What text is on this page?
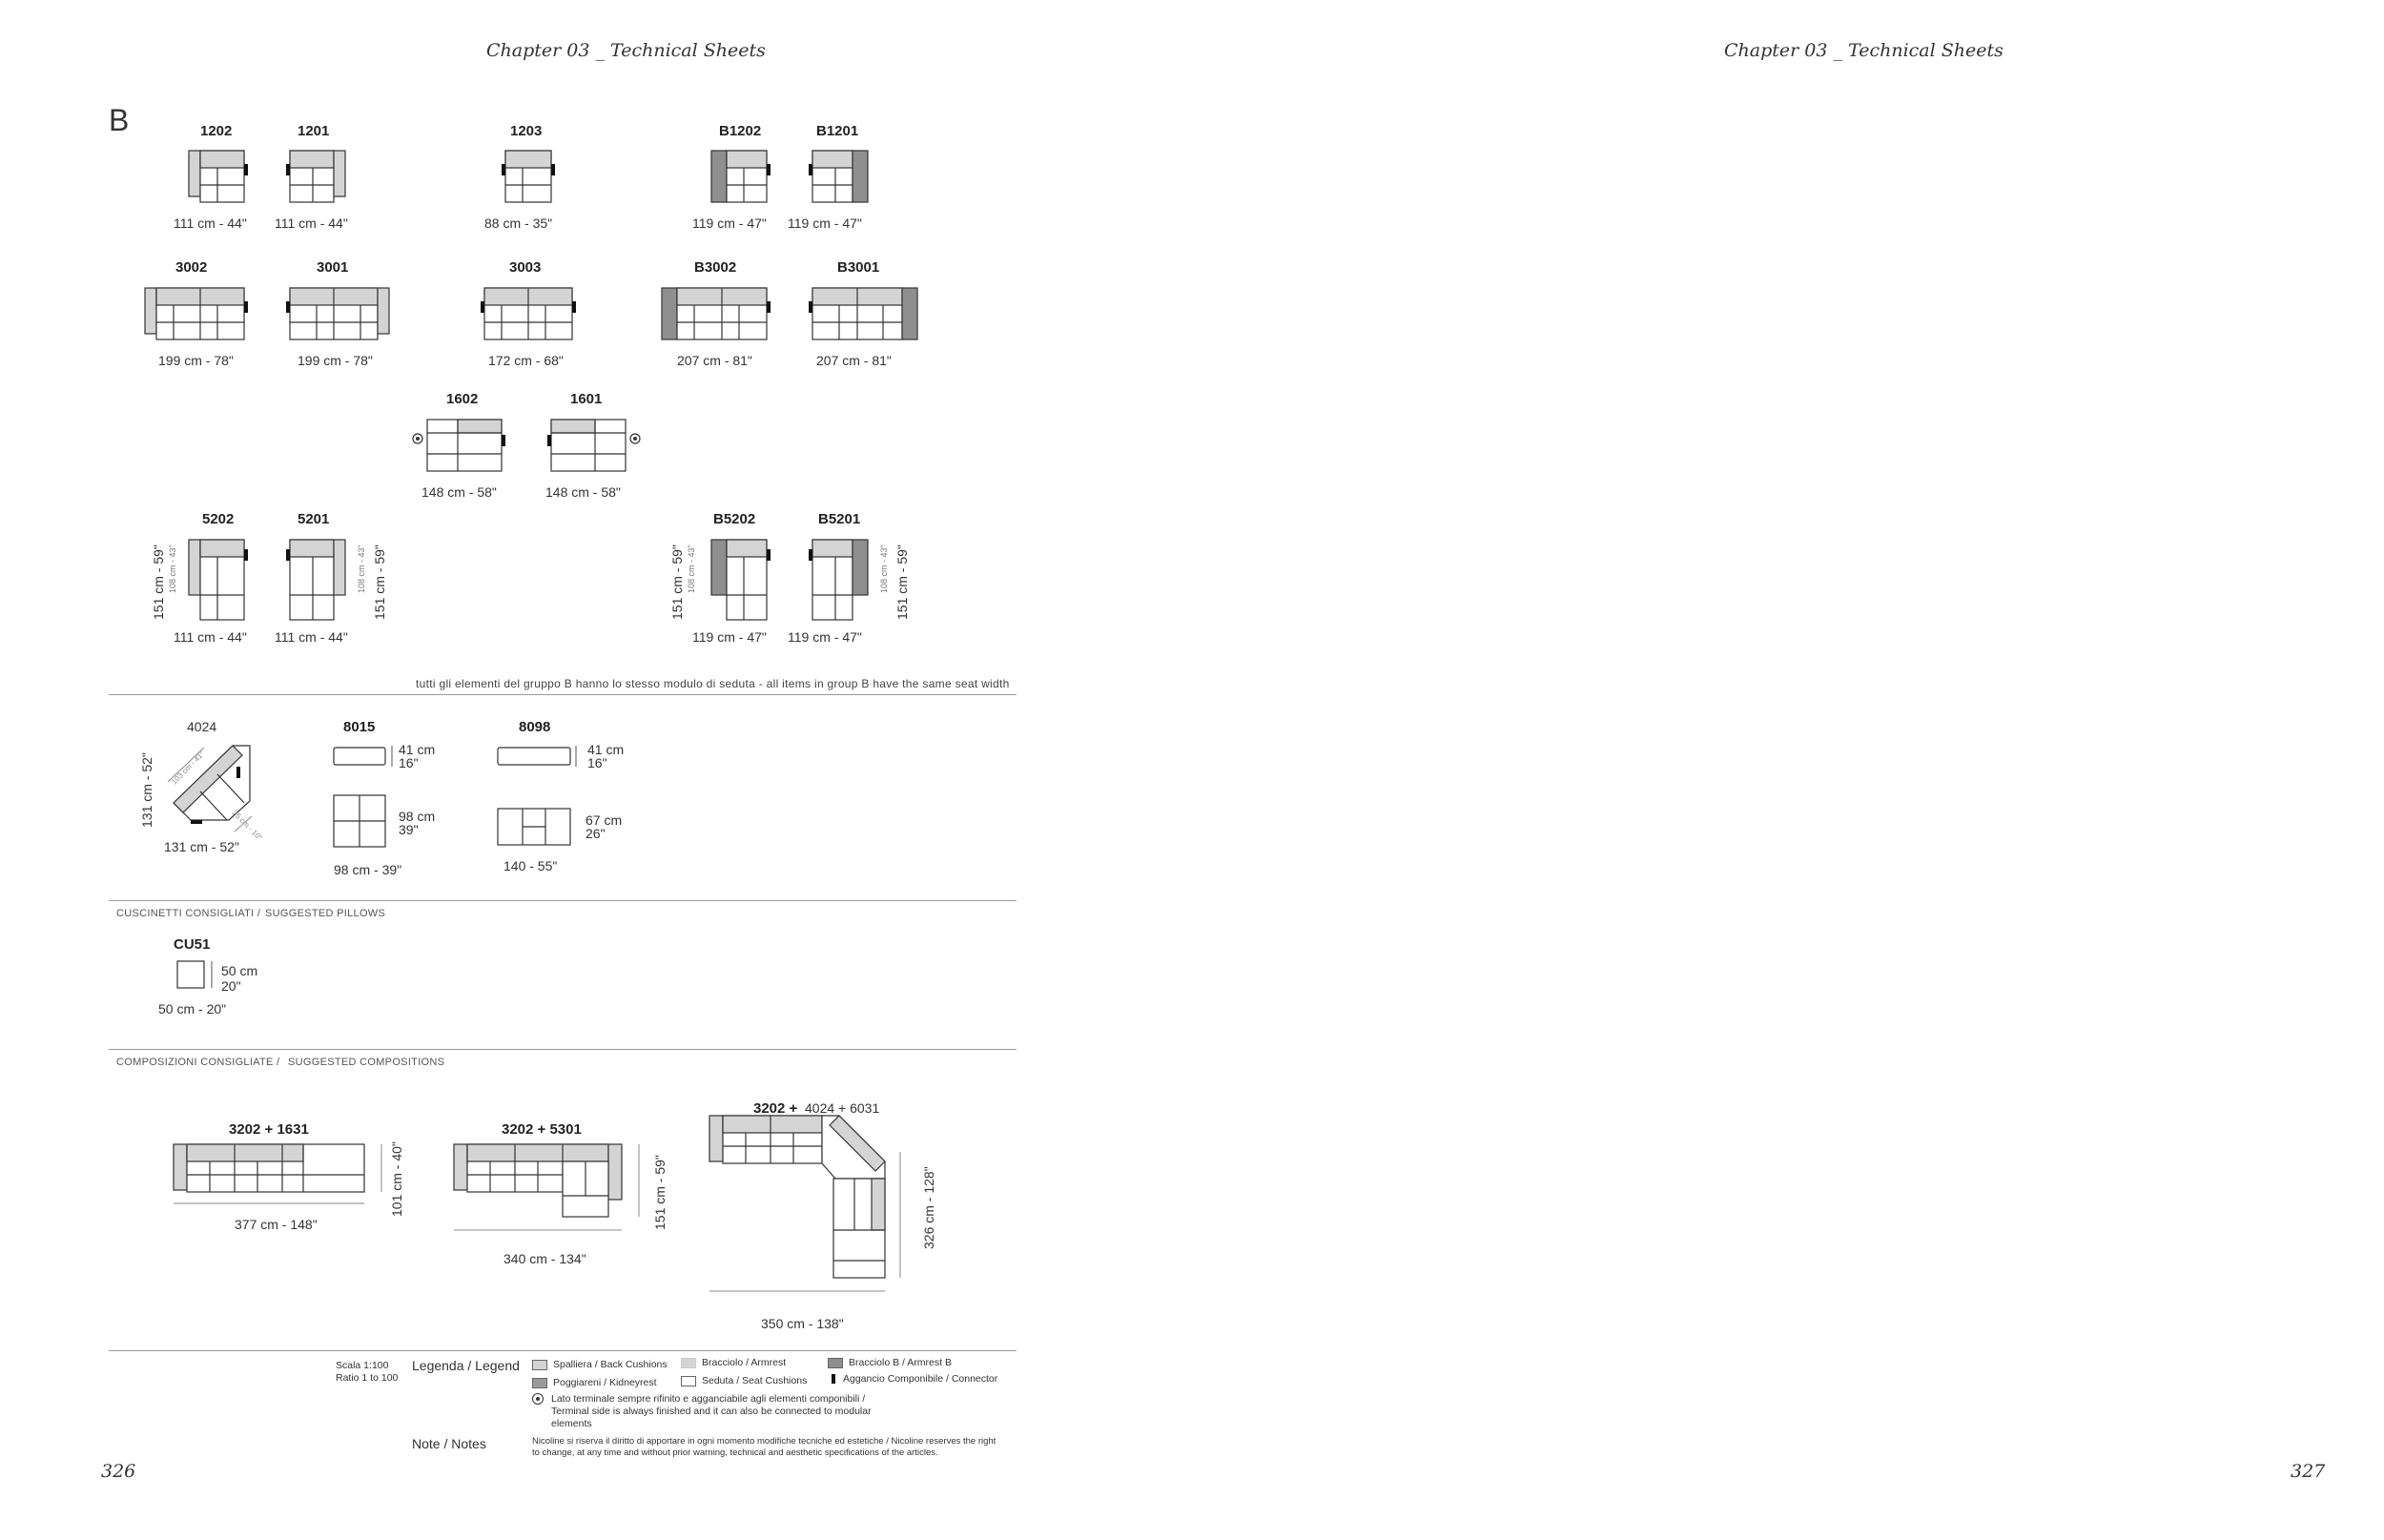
Chapter 03 _ Technical Sheets	Chapter 03 _ Technical Sheets
326	327
B	1202	1201	1203	B1202	B1201
111 cm - 44" 111 cm - 44"	88 cm - 35"	119 cm - 47" 119 cm - 47"
3002	3001	3003	B3002	B3001
199 cm - 78"	199 cm - 78"	172 cm - 68"	207 cm - 81"	207 cm - 81"
1602	1601
148 cm - 58"	148 cm - 58"
5202	5201	B5202	B5201
151 cm - 59" 108 cm - 43"	151 cm - 59"
108 cm - 43"	151 cm - 59" 108 cm - 43"	151 cm - 59"
108 cm - 43"
111 cm - 44" 111 cm - 44"	119 cm - 47" 119 cm - 47"
tutti gli elementi del gruppo B hanno lo stesso modulo di seduta - all items in group B have the same seat width
4024
131 cm - 52"
131 cm - 52"
103 cm - 41"
25 cm - 10"
8015
41 cm
16"
98 cm
39"
98 cm - 39"
8098
41 cm
16"
67 cm
26"
140 - 55"
CUSCINETTI CONSIGLIATI / SUGGESTED PILLOWS
CU51
50 cm
20"
50 cm - 20"
COMPOSIZIONI CONSIGLIATE / SUGGESTED COMPOSITIONS
3202 + 1631
377 cm - 148"
101 cm - 40"
3202 + 5301
340 cm - 134"
151 cm - 59"
3202 + 4024 + 6031
350 cm - 138"
326 cm - 128"
Scala 1:100
Ratio 1 to 100
Legenda / Legend	Spalliera / Back Cushions	Bracciolo / Armrest	Bracciolo B / Armrest B
Poggiareni / Kidneyrest	Seduta / Seat Cushions	Aggancio Componibile / Connector
Lato terminale sempre rifinito e agganciabile agli elementi componibili /
Terminal side is always finished and it can also be connected to modular
elements
Note / Notes	Nicoline si riserva il diritto di apportare in ogni momento modifiche tecniche ed estetiche / Nicoline reserves the right
to change, at any time and without prior warning, technical and aesthetic specifications of the articles.
